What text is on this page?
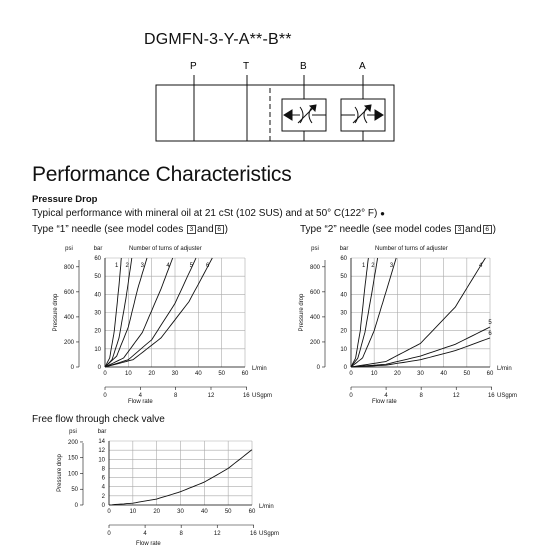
DGMFN-3-Y-A**-B**
P	T	B	A
Performance Characteristics
Pressure Drop
Typical performance with mineral oil at 21 cSt (102 SUS) and at 50° C(122° F) ●
Type “1” needle (see model codes 3 and 6 )	Type “2” needle (see model codes 3 and 6 )
0
10
20
30
40
50
60
0	10	20	30	40	50	60
0
200
400
600
800
psi	bar
0	4	8	12	16
L/min
USgpm
Flow rate
Pressure drop
Number of turns of adjuster
1 2 3	4	5 6
0
10
20
30
40
50
60
0	10	20	30	40	50	60
0
200
400
600
800
psi	bar
0	4	8	12	16
L/min
USgpm
Flow rate
Pressure drop
Number of turns of adjuster
1 2	3	4
5
6
0
2
4
6
8
10
12
14
0	10	20	30	40	50	60
0
50
100
150
200
psi	bar
0	4	8	12	16
L/min
USgpm
Flow rate
Pressure drop
Free flow through check valve
